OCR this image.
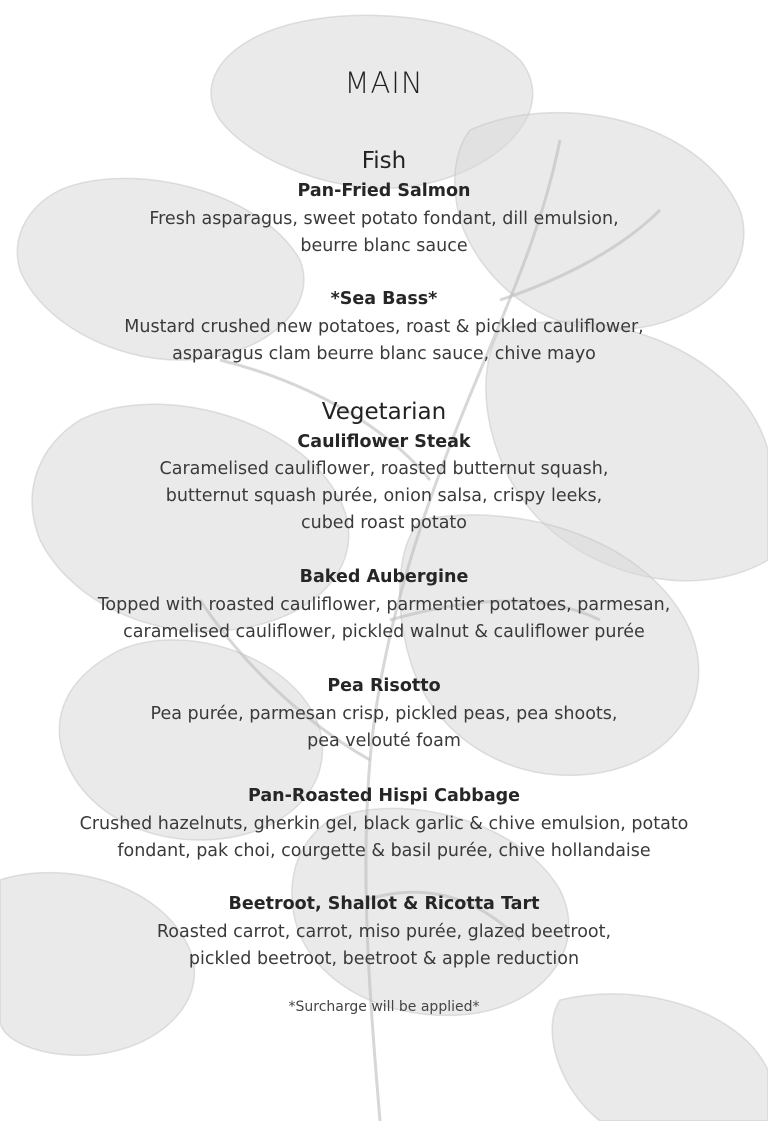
MAIN
Fish
Pan-Fried Salmon
Fresh asparagus, sweet potato fondant, dill emulsion,
beurre blanc sauce
*Sea Bass*
Mustard crushed new potatoes, roast & pickled cauliflower,
asparagus clam beurre blanc sauce, chive mayo
Vegetarian
Cauliflower Steak
Caramelised cauliflower, roasted butternut squash,
butternut squash purée, onion salsa, crispy leeks,
cubed roast potato
Baked Aubergine
Topped with roasted cauliflower, parmentier potatoes, parmesan,
caramelised cauliflower, pickled walnut & cauliflower purée
Pea Risotto
Pea purée, parmesan crisp, pickled peas, pea shoots,
pea velouté foam
Pan-Roasted Hispi Cabbage
Crushed hazelnuts, gherkin gel, black garlic & chive emulsion, potato
fondant, pak choi, courgette & basil purée, chive hollandaise
Beetroot, Shallot & Ricotta Tart
Roasted carrot, carrot, miso purée, glazed beetroot,
pickled beetroot, beetroot & apple reduction
*Surcharge will be applied*
